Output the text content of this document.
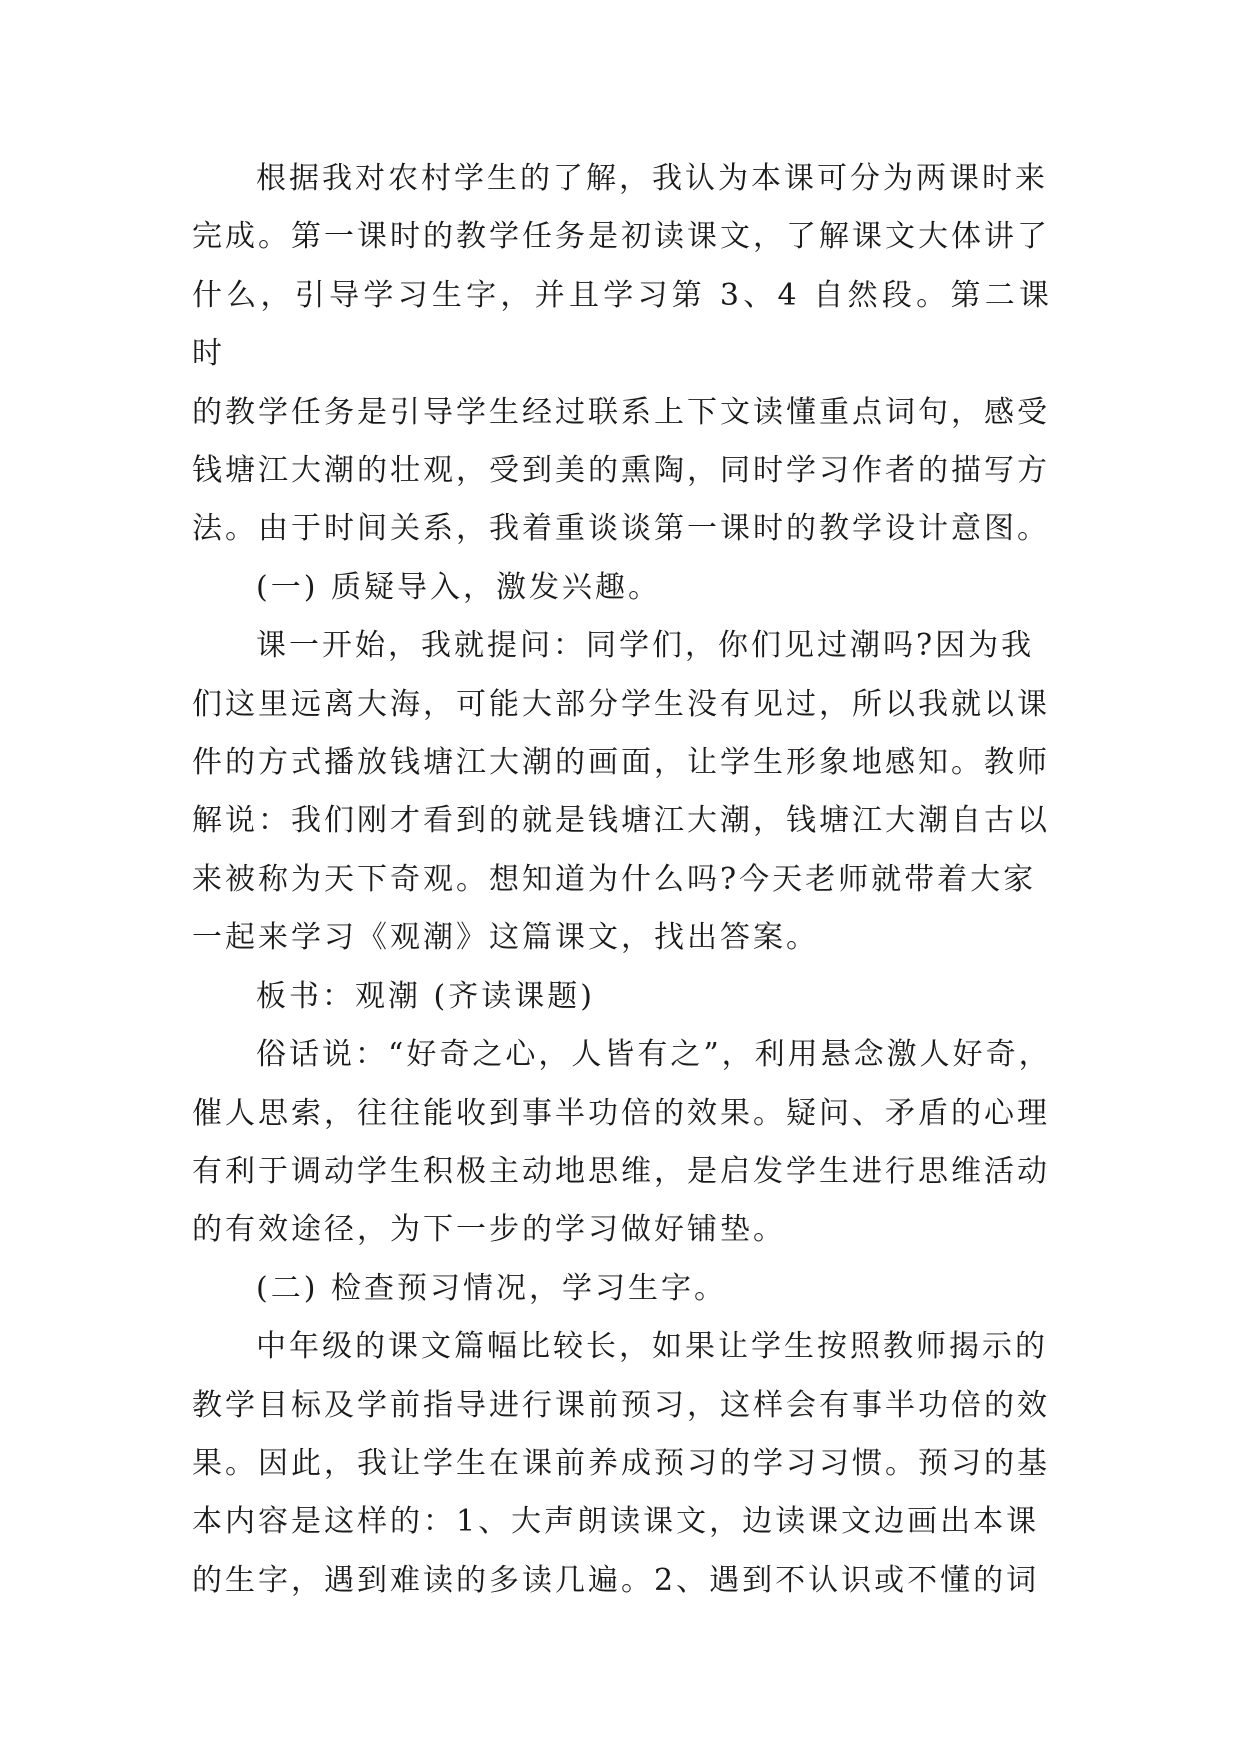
根据我对农村学生的了解，我认为本课可分为两课时来
完成。第一课时的教学任务是初读课文，了解课文大体讲了
什么，引导学习生字，并且学习第 3、4 自然段。第二课时
的教学任务是引导学生经过联系上下文读懂重点词句，感受
钱塘江大潮的壮观，受到美的熏陶，同时学习作者的描写方
法。由于时间关系，我着重谈谈第一课时的教学设计意图。

(一) 质疑导入，激发兴趣。

课一开始，我就提问：同学们，你们见过潮吗?因为我
们这里远离大海，可能大部分学生没有见过，所以我就以课
件的方式播放钱塘江大潮的画面，让学生形象地感知。教师
解说：我们刚才看到的就是钱塘江大潮，钱塘江大潮自古以
来被称为天下奇观。想知道为什么吗?今天老师就带着大家
一起来学习《观潮》这篇课文，找出答案。

板书：观潮 (齐读课题)

俗话说：“好奇之心，人皆有之”，利用悬念激人好奇，
催人思索，往往能收到事半功倍的效果。疑问、矛盾的心理
有利于调动学生积极主动地思维，是启发学生进行思维活动
的有效途径，为下一步的学习做好铺垫。

(二) 检查预习情况，学习生字。

中年级的课文篇幅比较长，如果让学生按照教师揭示的
教学目标及学前指导进行课前预习，这样会有事半功倍的效
果。因此，我让学生在课前养成预习的学习习惯。预习的基
本内容是这样的：1、大声朗读课文，边读课文边画出本课
的生字，遇到难读的多读几遍。2、遇到不认识或不懂的词
